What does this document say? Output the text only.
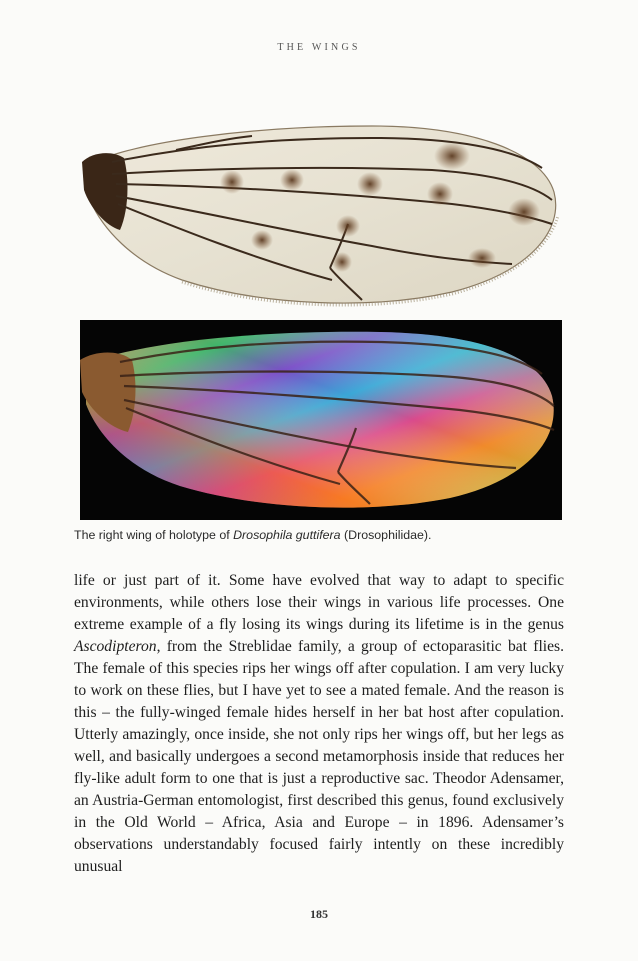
THE WINGS
The right wing of holotype of Drosophila guttifera (Drosophilidae).

life or just part of it. Some have evolved that way to adapt to specific environments, while others lose their wings in various life processes. One extreme example of a fly losing its wings during its lifetime is in the genus Ascodipteron, from the Streblidae family, a group of ectoparasitic bat flies. The female of this species rips her wings off after copulation. I am very lucky to work on these flies, but I have yet to see a mated female. And the reason is this – the fully-winged female hides herself in her bat host after copulation. Utterly amazingly, once inside, she not only rips her wings off, but her legs as well, and basically undergoes a second metamorphosis inside that reduces her fly-like adult form to one that is just a reproductive sac. Theodor Adensamer, an Austria-German entomologist, first described this genus, found exclusively in the Old World – Africa, Asia and Europe – in 1896. Adensamer’s observations understandably focused fairly intently on these incredibly unusual

185
